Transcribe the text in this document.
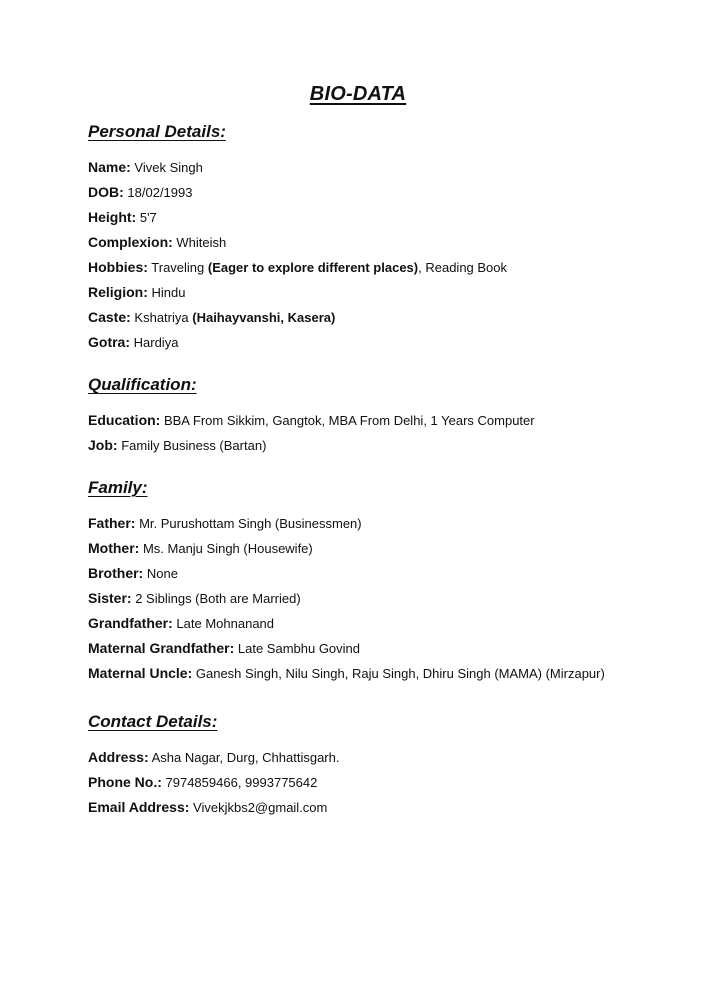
BIO-DATA
Personal Details:
Name: Vivek Singh
DOB: 18/02/1993
Height: 5'7
Complexion: Whiteish
Hobbies: Traveling (Eager to explore different places), Reading Book
Religion: Hindu
Caste: Kshatriya (Haihayvanshi, Kasera)
Gotra: Hardiya
Qualification:
Education: BBA From Sikkim, Gangtok, MBA From Delhi, 1 Years Computer
Job: Family Business (Bartan)
Family:
Father: Mr. Purushottam Singh (Businessmen)
Mother: Ms. Manju Singh (Housewife)
Brother: None
Sister: 2 Siblings (Both are Married)
Grandfather: Late Mohnanand
Maternal Grandfather: Late Sambhu Govind
Maternal Uncle: Ganesh Singh, Nilu Singh, Raju Singh, Dhiru Singh (MAMA) (Mirzapur)
Contact Details:
Address: Asha Nagar, Durg, Chhattisgarh.
Phone No.: 7974859466, 9993775642
Email Address: Vivekjkbs2@gmail.com
